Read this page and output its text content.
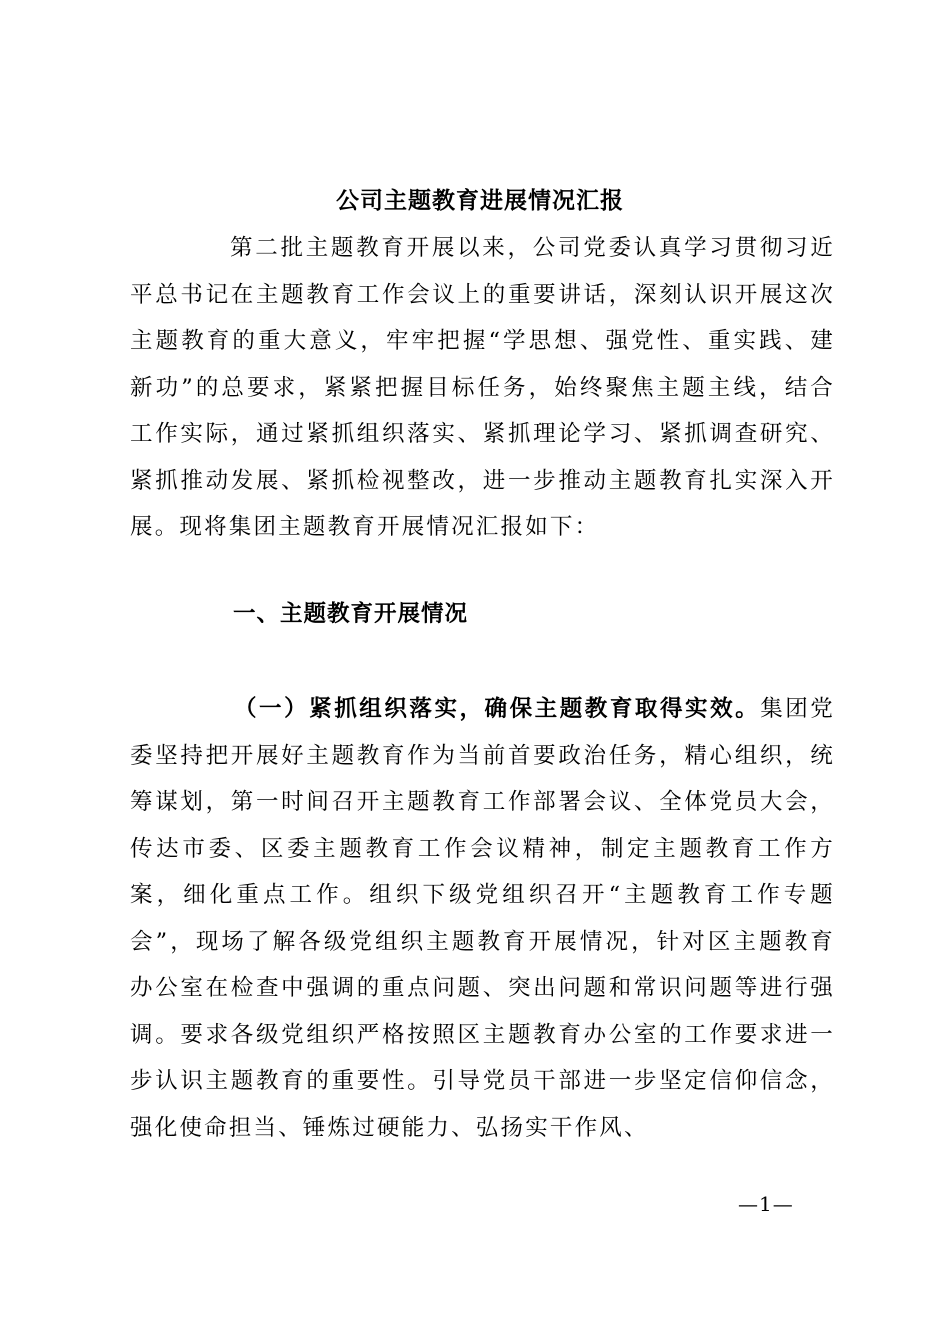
公司主题教育进展情况汇报

第二批主题教育开展以来，公司党委认真学习贯彻习近平总书记在主题教育工作会议上的重要讲话，深刻认识开展这次主题教育的重大意义，牢牢把握“学思想、强党性、重实践、建新功”的总要求，紧紧把握目标任务，始终聚焦主题主线，结合工作实际，通过紧抓组织落实、紧抓理论学习、紧抓调查研究、紧抓推动发展、紧抓检视整改，进一步推动主题教育扎实深入开展。现将集团主题教育开展情况汇报如下：

一、主题教育开展情况

（一）紧抓组织落实，确保主题教育取得实效。集团党委坚持把开展好主题教育作为当前首要政治任务，精心组织，统筹谋划，第一时间召开主题教育工作部署会议、全体党员大会，传达市委、区委主题教育工作会议精神，制定主题教育工作方案，细化重点工作。组织下级党组织召开“主题教育工作专题会”，现场了解各级党组织主题教育开展情况，针对区主题教育办公室在检查中强调的重点问题、突出问题和常识问题等进行强调。要求各级党组织严格按照区主题教育办公室的工作要求进一步认识主题教育的重要性。引导党员干部进一步坚定信仰信念，强化使命担当、锤炼过硬能力、弘扬实干作风、

—1—
